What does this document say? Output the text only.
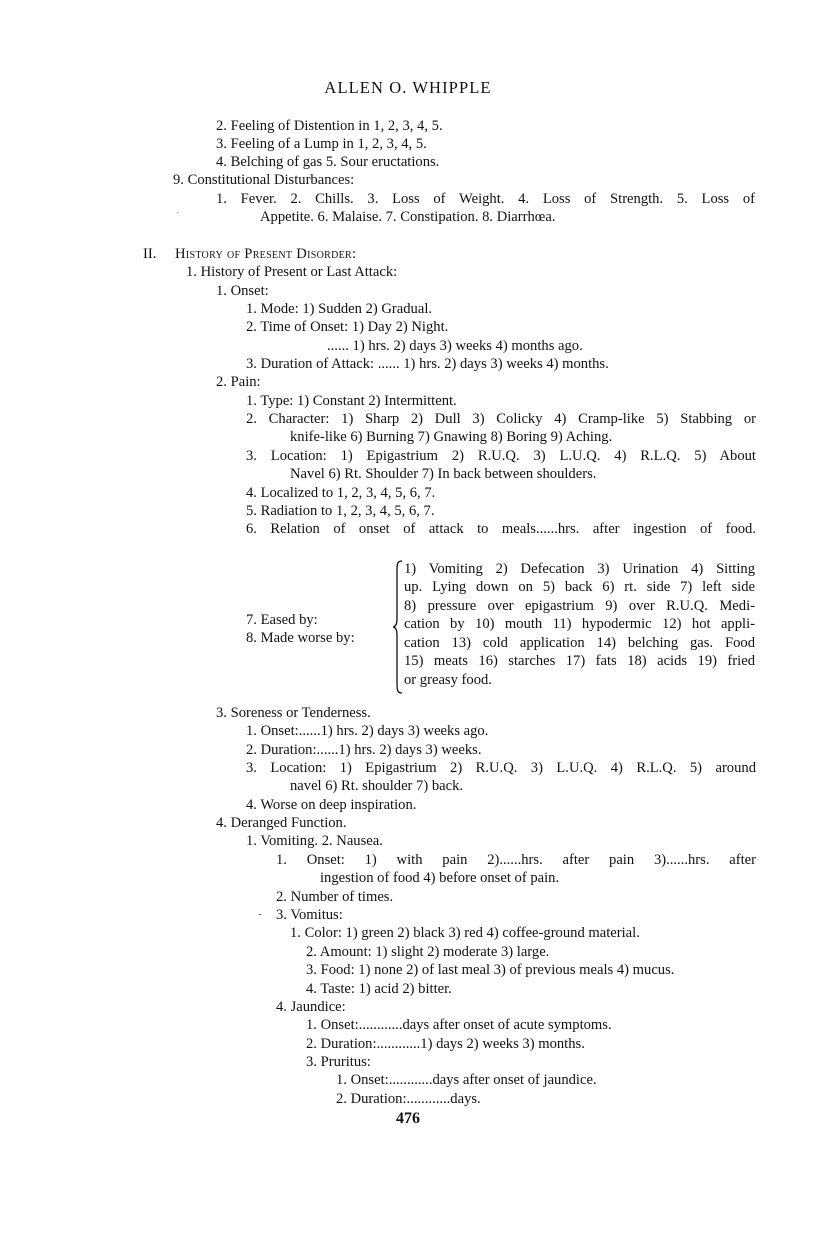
ALLEN O. WHIPPLE
2. Feeling of Distention in 1, 2, 3, 4, 5.
3. Feeling of a Lump in 1, 2, 3, 4, 5.
4. Belching of gas 5. Sour eructations.
9. Constitutional Disturbances:
1. Fever. 2. Chills. 3. Loss of Weight. 4. Loss of Strength. 5. Loss of
Appetite. 6. Malaise. 7. Constipation. 8. Diarrhœa.
ˈ
II. History of Present Disorder:
1. History of Present or Last Attack:
1. Onset:
1. Mode: 1) Sudden 2) Gradual.
2. Time of Onset: 1) Day 2) Night.
...... 1) hrs. 2) days 3) weeks 4) months ago.
3. Duration of Attack: ...... 1) hrs. 2) days 3) weeks 4) months.
2. Pain:
1. Type: 1) Constant 2) Intermittent.
2. Character: 1) Sharp 2) Dull 3) Colicky 4) Cramp-like 5) Stabbing or
knife-like 6) Burning 7) Gnawing 8) Boring 9) Aching.
3. Location: 1) Epigastrium 2) R.U.Q. 3) L.U.Q. 4) R.L.Q. 5) About
Navel 6) Rt. Shoulder 7) In back between shoulders.
4. Localized to 1, 2, 3, 4, 5, 6, 7.
5. Radiation to 1, 2, 3, 4, 5, 6, 7.
6. Relation of onset of attack to meals......hrs. after ingestion of food.
7. Eased by:
8. Made worse by:
1) Vomiting 2) Defecation 3) Urination 4) Sitting
up. Lying down on 5) back 6) rt. side 7) left side
8) pressure over epigastrium 9) over R.U.Q. Medi-
cation by 10) mouth 11) hypodermic 12) hot appli-
cation 13) cold application 14) belching gas. Food
15) meats 16) starches 17) fats 18) acids 19) fried
or greasy food.
3. Soreness or Tenderness.
1. Onset:......1) hrs. 2) days 3) weeks ago.
2. Duration:......1) hrs. 2) days 3) weeks.
3. Location: 1) Epigastrium 2) R.U.Q. 3) L.U.Q. 4) R.L.Q. 5) around
navel 6) Rt. shoulder 7) back.
4. Worse on deep inspiration.
4. Deranged Function.
1. Vomiting. 2. Nausea.
1. Onset: 1) with pain 2)......hrs. after pain 3)......hrs. after
ingestion of food 4) before onset of pain.
2. Number of times.
- 3. Vomitus:
1. Color: 1) green 2) black 3) red 4) coffee-ground material.
2. Amount: 1) slight 2) moderate 3) large.
3. Food: 1) none 2) of last meal 3) of previous meals 4) mucus.
4. Taste: 1) acid 2) bitter.
4. Jaundice:
1. Onset:............days after onset of acute symptoms.
2. Duration:............1) days 2) weeks 3) months.
3. Pruritus:
1. Onset:............days after onset of jaundice.
2. Duration:............days.
476
